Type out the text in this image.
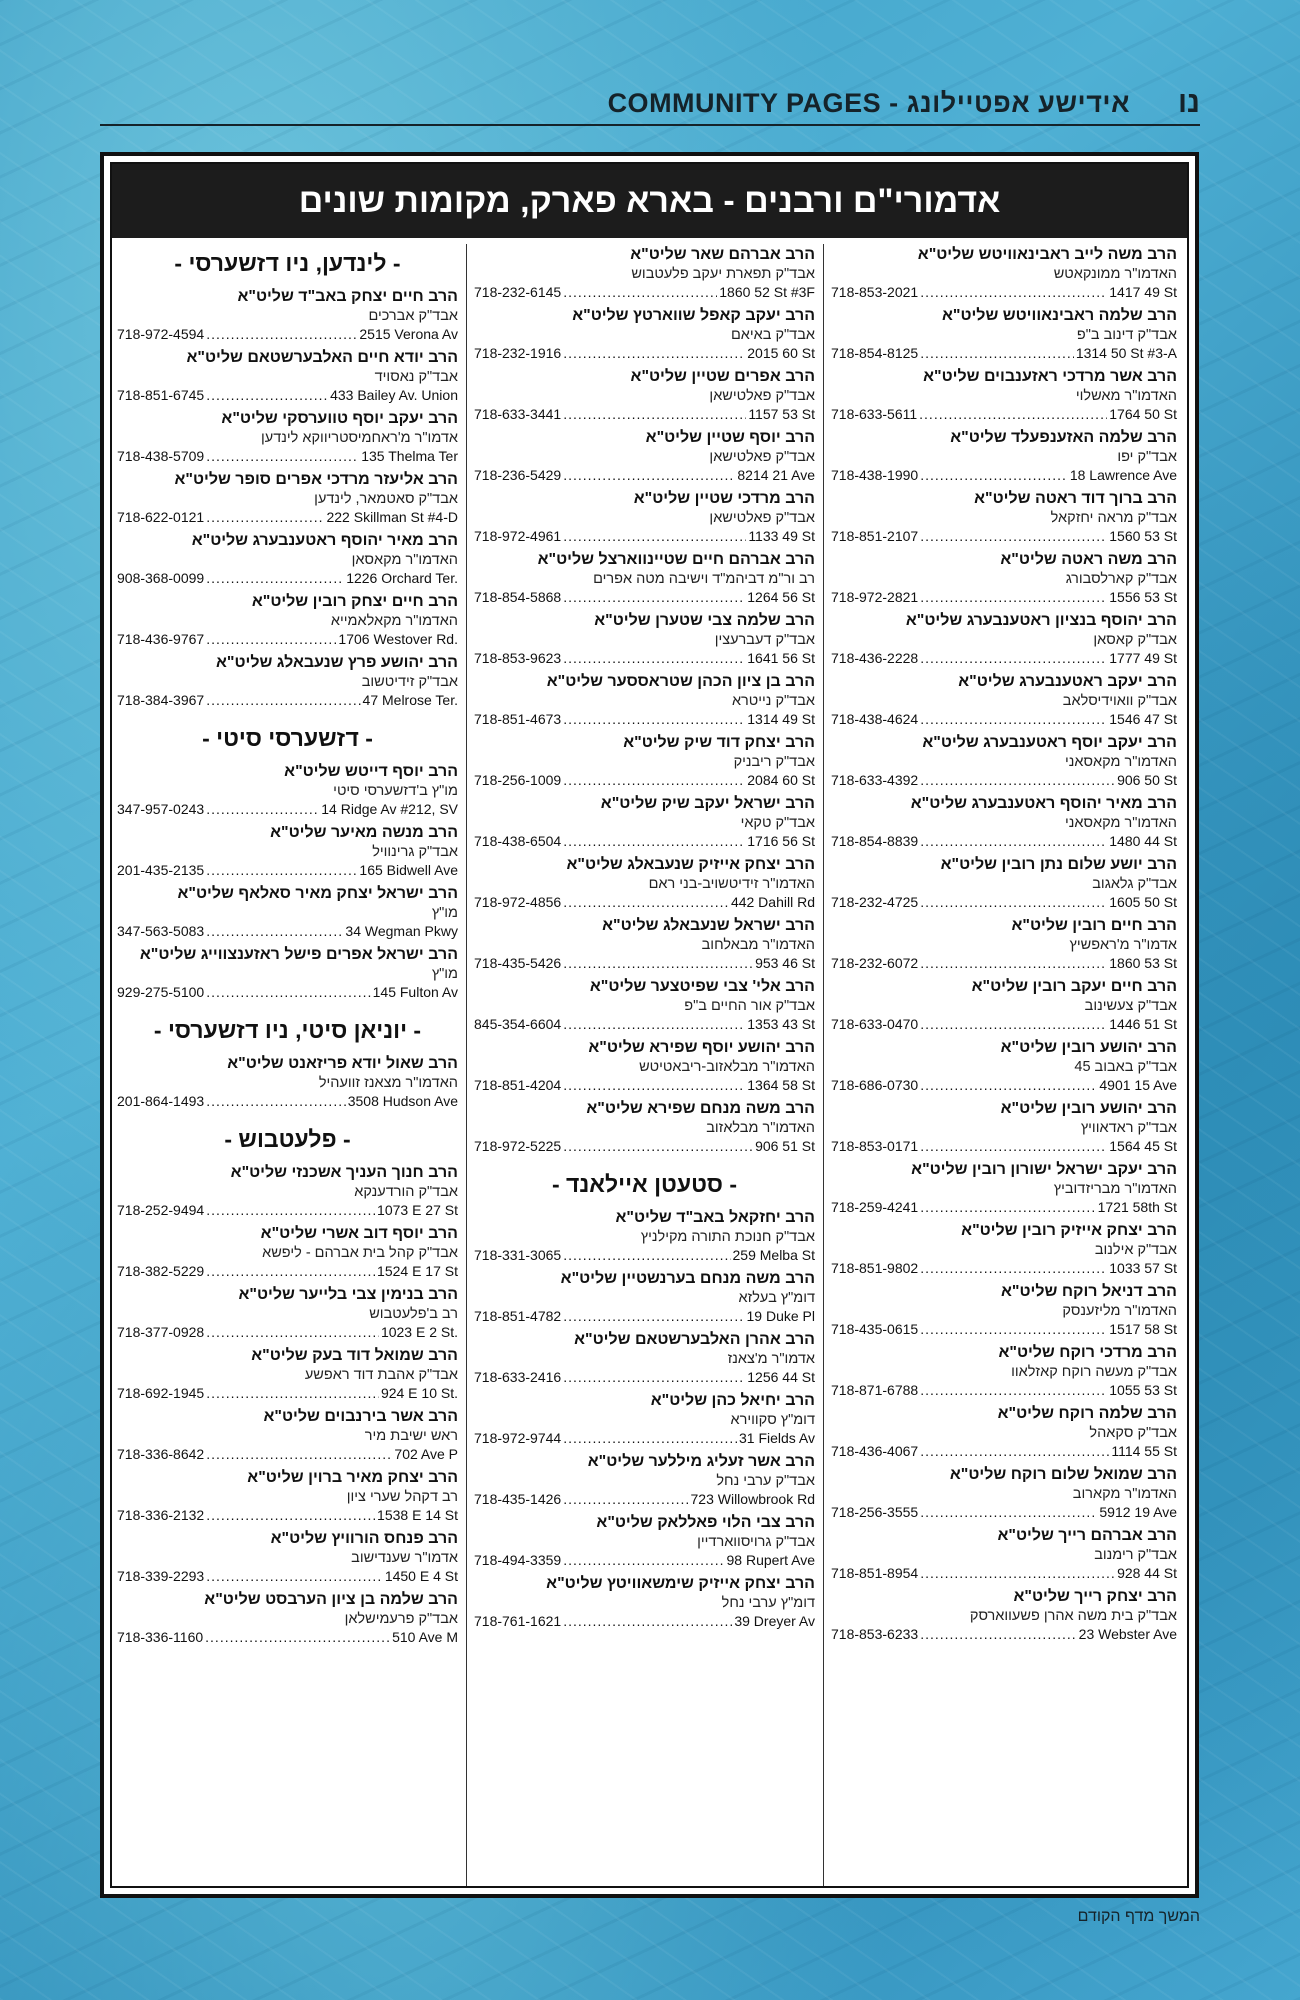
COMMUNITY PAGES - אידישע אפטיילונג נו
אדמורי"ם ורבנים - בארא פארק, מקומות שונים
הרב משה לייב ראבינאוויטש שליט"א
האדמו"ר ממונקאטש
718-853-2021 .....	1417 49 St
הרב שלמה ראבינאוויטש שליט"א
אבד"ק דינוב ב"פ
718-854-8125 .....	1314 50 St #3-A
הרב אשר מרדכי ראזענבוים שליט"א
האדמו"ר מאשלוי
718-633-5611 .....	1764 50 St
הרב שלמה האזענפעלד שליט"א
אבד"ק יפו
718-438-1990 .....	18 Lawrence Ave
הרב ברוך דוד ראטה שליט"א
אבד"ק מראה יחזקאל
718-851-2107 .....	1560 53 St
הרב משה ראטה שליט"א
אבד"ק קארלסבורג
718-972-2821 .....	1556 53 St
הרב יהוסף בנציון ראטענבערג שליט"א
אבד"ק קאסאן
718-436-2228 .....	1777 49 St
הרב יעקב ראטענבערג שליט"א
אבד"ק וואוידיסלאב
718-438-4624 .....	1546 47 St
הרב יעקב יוסף ראטענבערג שליט"א
האדמו"ר מקאסאני
718-633-4392 .....	906 50 St
הרב מאיר יהוסף ראטענבערג שליט"א
האדמו"ר מקאסאני
718-854-8839 .....	1480 44 St
הרב יושע שלום נתן רובין שליט"א
אבד"ק גלאגוב
718-232-4725 .....	1605 50 St
הרב חיים רובין שליט"א
אדמו"ר מ'ראפשיץ
718-232-6072 .....	1860 53 St
הרב חיים יעקב רובין שליט"א
אבד"ק צעשינוב
718-633-0470 .....	1446 51 St
הרב יהושע רובין שליט"א
אבד"ק באבוב 45
718-686-0730 .....	4901 15 Ave
הרב יהושע רובין שליט"א
אבד"ק ראדאוויץ
718-853-0171 .....	1564 45 St
הרב יעקב ישראל ישורון רובין שליט"א
האדמו"ר מבריזדוביץ
718-259-4241 .....	1721 58th St
הרב יצחק אייזיק רובין שליט"א
אבד"ק אילנוב
718-851-9802 .....	1033 57 St
הרב דניאל רוקח שליט"א
האדמו"ר מליזענסק
718-435-0615 .....	1517 58 St
הרב מרדכי רוקח שליט"א
אבד"ק מעשה רוקח קאזלאוו
718-871-6788 .....	1055 53 St
הרב שלמה רוקח שליט"א
אבד"ק סקאהל
718-436-4067 .....	1114 55 St
הרב שמואל שלום רוקח שליט"א
האדמו"ר מקארוב
718-256-3555 .....	5912 19 Ave
הרב אברהם רייך שליט"א
אבד"ק רימנוב
718-851-8954 .....	928 44 St
הרב יצחק רייך שליט"א
אבד"ק בית משה אהרן פשעווארסק
718-853-6233 .....	23 Webster Ave
הרב אברהם שאר שליט"א
אבד"ק תפארת יעקב פלעטבוש
718-232-6145 .....	1860 52 St #3F
הרב יעקב קאפל שווארטץ שליט"א
אבד"ק באיאם
718-232-1916 .....	2015 60 St
הרב אפרים שטיין שליט"א
אבד"ק פאלטישאן
718-633-3441 .....	1157 53 St
הרב יוסף שטיין שליט"א
אבד"ק פאלטישאן
718-236-5429 .....	8214 21 Ave
הרב מרדכי שטיין שליט"א
אבד"ק פאלטישאן
718-972-4961 .....	1133 49 St
הרב אברהם חיים שטיינווארצל שליט"א
רב ור"מ דביהמ"ד וישיבה מטה אפרים
718-854-5868 .....	1264 56 St
הרב שלמה צבי שטערן שליט"א
אבד"ק דעברעצין
718-853-9623 .....	1641 56 St
הרב בן ציון הכהן שטראססער שליט"א
אבד"ק נייטרא
718-851-4673 .....	1314 49 St
הרב יצחק דוד שיק שליט"א
אבד"ק ריבניק
718-256-1009 .....	2084 60 St
הרב ישראל יעקב שיק שליט"א
אבד"ק טקאי
718-438-6504 .....	1716 56 St
הרב יצחק אייזיק שנעבאלג שליט"א
האדמו"ר זידיטשויב-בני ראם
718-972-4856 .....	442 Dahill Rd
הרב ישראל שנעבאלג שליט"א
האדמו"ר מבאלחוב
718-435-5426 .....	953 46 St
הרב אלי' צבי שפיטצער שליט"א
אבד"ק אור החיים ב"פ
845-354-6604 .....	1353 43 St
הרב יהושע יוסף שפירא שליט"א
האדמו"ר מבלאזוב-ריבאטיטש
718-851-4204 .....	1364 58 St
הרב משה מנחם שפירא שליט"א
האדמו"ר מבלאזוב
718-972-5225 .....	906 51 St
- סטעטן איילאנד -
הרב יחזקאל באב"ד שליט"א
אבד"ק חנוכת התורה מקילניץ
718-331-3065 .....	259 Melba St
הרב משה מנחם בערנשטיין שליט"א
דומ"ץ בעלזא
718-851-4782 .....	19 Duke Pl
הרב אהרן האלבערשטאם שליט"א
אדמו"ר מ'צאנז
718-633-2416 .....	1256 44 St
הרב יחיאל כהן שליט"א
דומ"ץ סקווירא
718-972-9744 .....	31 Fields Av
הרב אשר זעליג מיללער שליט"א
אבד"ק ערבי נחל
718-435-1426 .....	723 Willowbrook Rd
הרב צבי הלוי פאללאק שליט"א
אבד"ק גרויסווארדיין
718-494-3359 .....	98 Rupert Ave
הרב יצחק אייזיק שימשאוויטץ שליט"א
דומ"ץ ערבי נחל
718-761-1621 .....	39 Dreyer Av
- לינדען, ניו דזשערסי -
הרב חיים יצחק באב"ד שליט"א
אבד"ק אברכים
718-972-4594 .....	2515 Verona Av
הרב יודא חיים האלבערשטאם שליט"א
אבד"ק נאסויד
718-851-6745 .....	433 Bailey Av. Union
הרב יעקב יוסף טווערסקי שליט"א
אדמו"ר מ'ראחמיסטריווקא לינדען
718-438-5709 .....	135 Thelma Ter
הרב אליעזר מרדכי אפרים סופר שליט"א
אבד"ק סאטמאר, לינדען
718-622-0121 .....	222 Skillman St #4-D
הרב מאיר יהוסף ראטענבערג שליט"א
האדמו"ר מקאסאן
908-368-0099 .....	1226 Orchard Ter.
הרב חיים יצחק רובין שליט"א
האדמו"ר מקאלאמייא
718-436-9767 .....	1706 Westover Rd.
הרב יהושע פרץ שנעבאלג שליט"א
אבד"ק זידיטשוב
718-384-3967 .....	47 Melrose Ter.
- דזשערסי סיטי -
הרב יוסף דייטש שליט"א
מו"ץ ב'דזשערסי סיטי
347-957-0243 .....	14 Ridge Av #212, SV
הרב מנשה מאיער שליט"א
אבד"ק גרינוויל
201-435-2135 .....	165 Bidwell Ave
הרב ישראל יצחק מאיר סאלאף שליט"א
מו"ץ
347-563-5083 .....	34 Wegman Pkwy
הרב ישראל אפרים פישל ראזענצווייג שליט"א
מו"ץ
929-275-5100 .....	145 Fulton Av
- יוניאן סיטי, ניו דזשערסי -
הרב שאול יודא פריזאנט שליט"א
האדמו"ר מצאנז זוועהיל
201-864-1493 .....	3508 Hudson Ave
- פלעטבוש -
הרב חנוך העניך אשכנזי שליט"א
אבד"ק הורדענקא
718-252-9494 .....	1073 E 27 St
הרב יוסף דוב אשרי שליט"א
אבד"ק קהל בית אברהם - ליפשא
718-382-5229 .....	1524 E 17 St
הרב בנימין צבי בלייער שליט"א
רב ב'פלעטבוש
718-377-0928 .....	1023 E 2 St.
הרב שמואל דוד בעק שליט"א
אבד"ק אהבת דוד ראפשע
718-692-1945 .....	924 E 10 St.
הרב אשר בירנבוים שליט"א
ראש ישיבת מיר
718-336-8642 .....	702 Ave P
הרב יצחק מאיר ברוין שליט"א
רב דקהל שערי ציון
718-336-2132 .....	1538 E 14 St
הרב פנחס הורוויץ שליט"א
אדמו"ר שענדישוב
718-339-2293 .....	1450 E 4 St
הרב שלמה בן ציון הערבסט שליט"א
אבד"ק פרעמישלאן
718-336-1160 .....	510 Ave M
המשך מדף הקודם
